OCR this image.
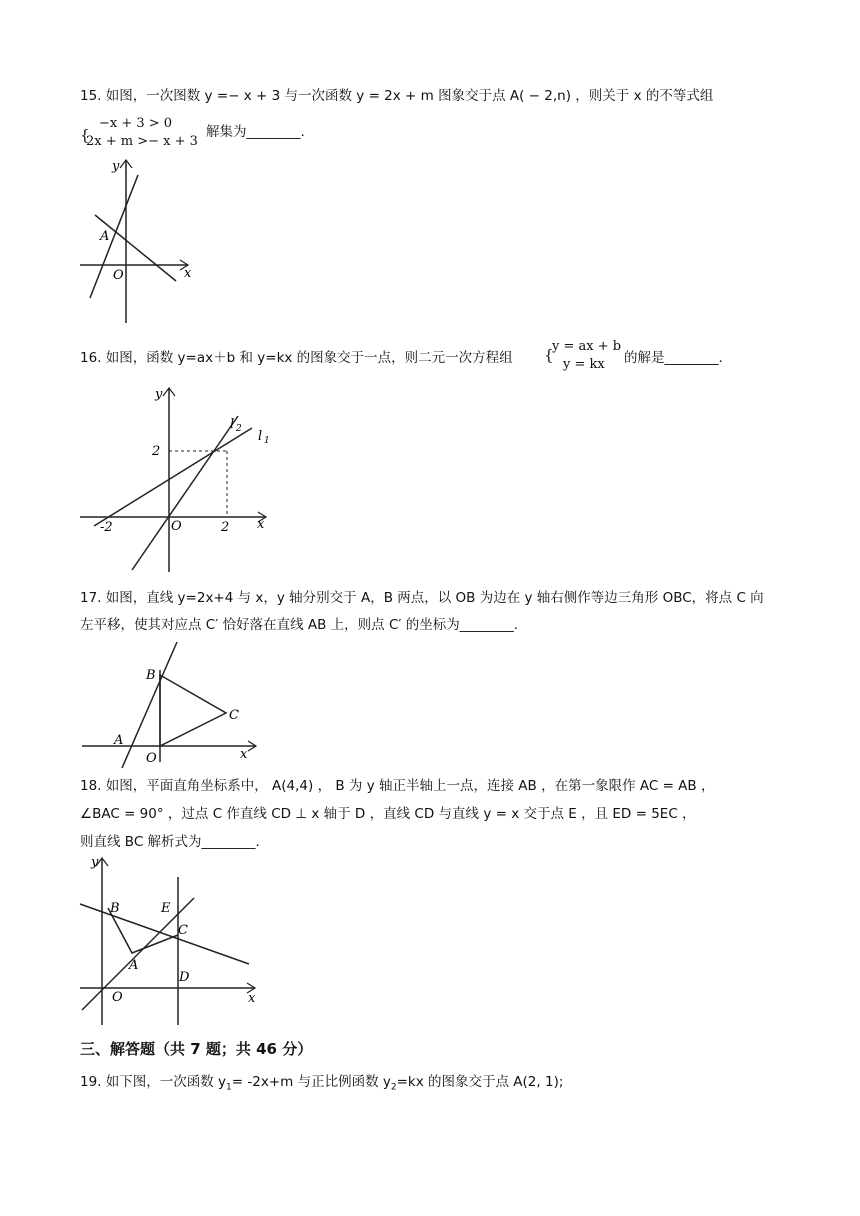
15. 如图，一次图数 y =− x + 3 与一次函数 y = 2x + m 图象交于点 A( − 2,n) ，则关于 x 的不等式组
{
−x + 3 > 0
2x + m >− x + 3
解集为________.
y
x
A
O
16. 如图，函数 y=ax＋b 和 y=kx 的图象交于一点，则二元一次方程组 {
y = ax + b
y = kx 的解是________.
y
x
O
2
2
-2
l 2 l 1
17. 如图，直线 y=2x+4 与 x，y 轴分别交于 A，B 两点，以 OB 为边在 y 轴右侧作等边三角形 OBC，将点 C 向
左平移，使其对应点 C′ 恰好落在直线 AB 上，则点 C′ 的坐标为________.
B
C
A
O	x
18. 如图，平面直角坐标系中， A(4,4) ， B 为 y 轴正半轴上一点，连接 AB ，在第一象限作 AC = AB ，
∠BAC = 90° ，过点 C 作直线 CD ⊥ x 轴于 D ，直线 CD 与直线 y = x 交于点 E ，且 ED = 5EC ，
则直线 BC 解析式为________.
y
x
B	E
C
A
D
O
三、解答题（共 7 题；共 46 分）
19. 如下图，一次函数 $y_1= -2x+m$ 与正比例函数 $y_2=kx$ 的图象交于点 A(2, 1);
